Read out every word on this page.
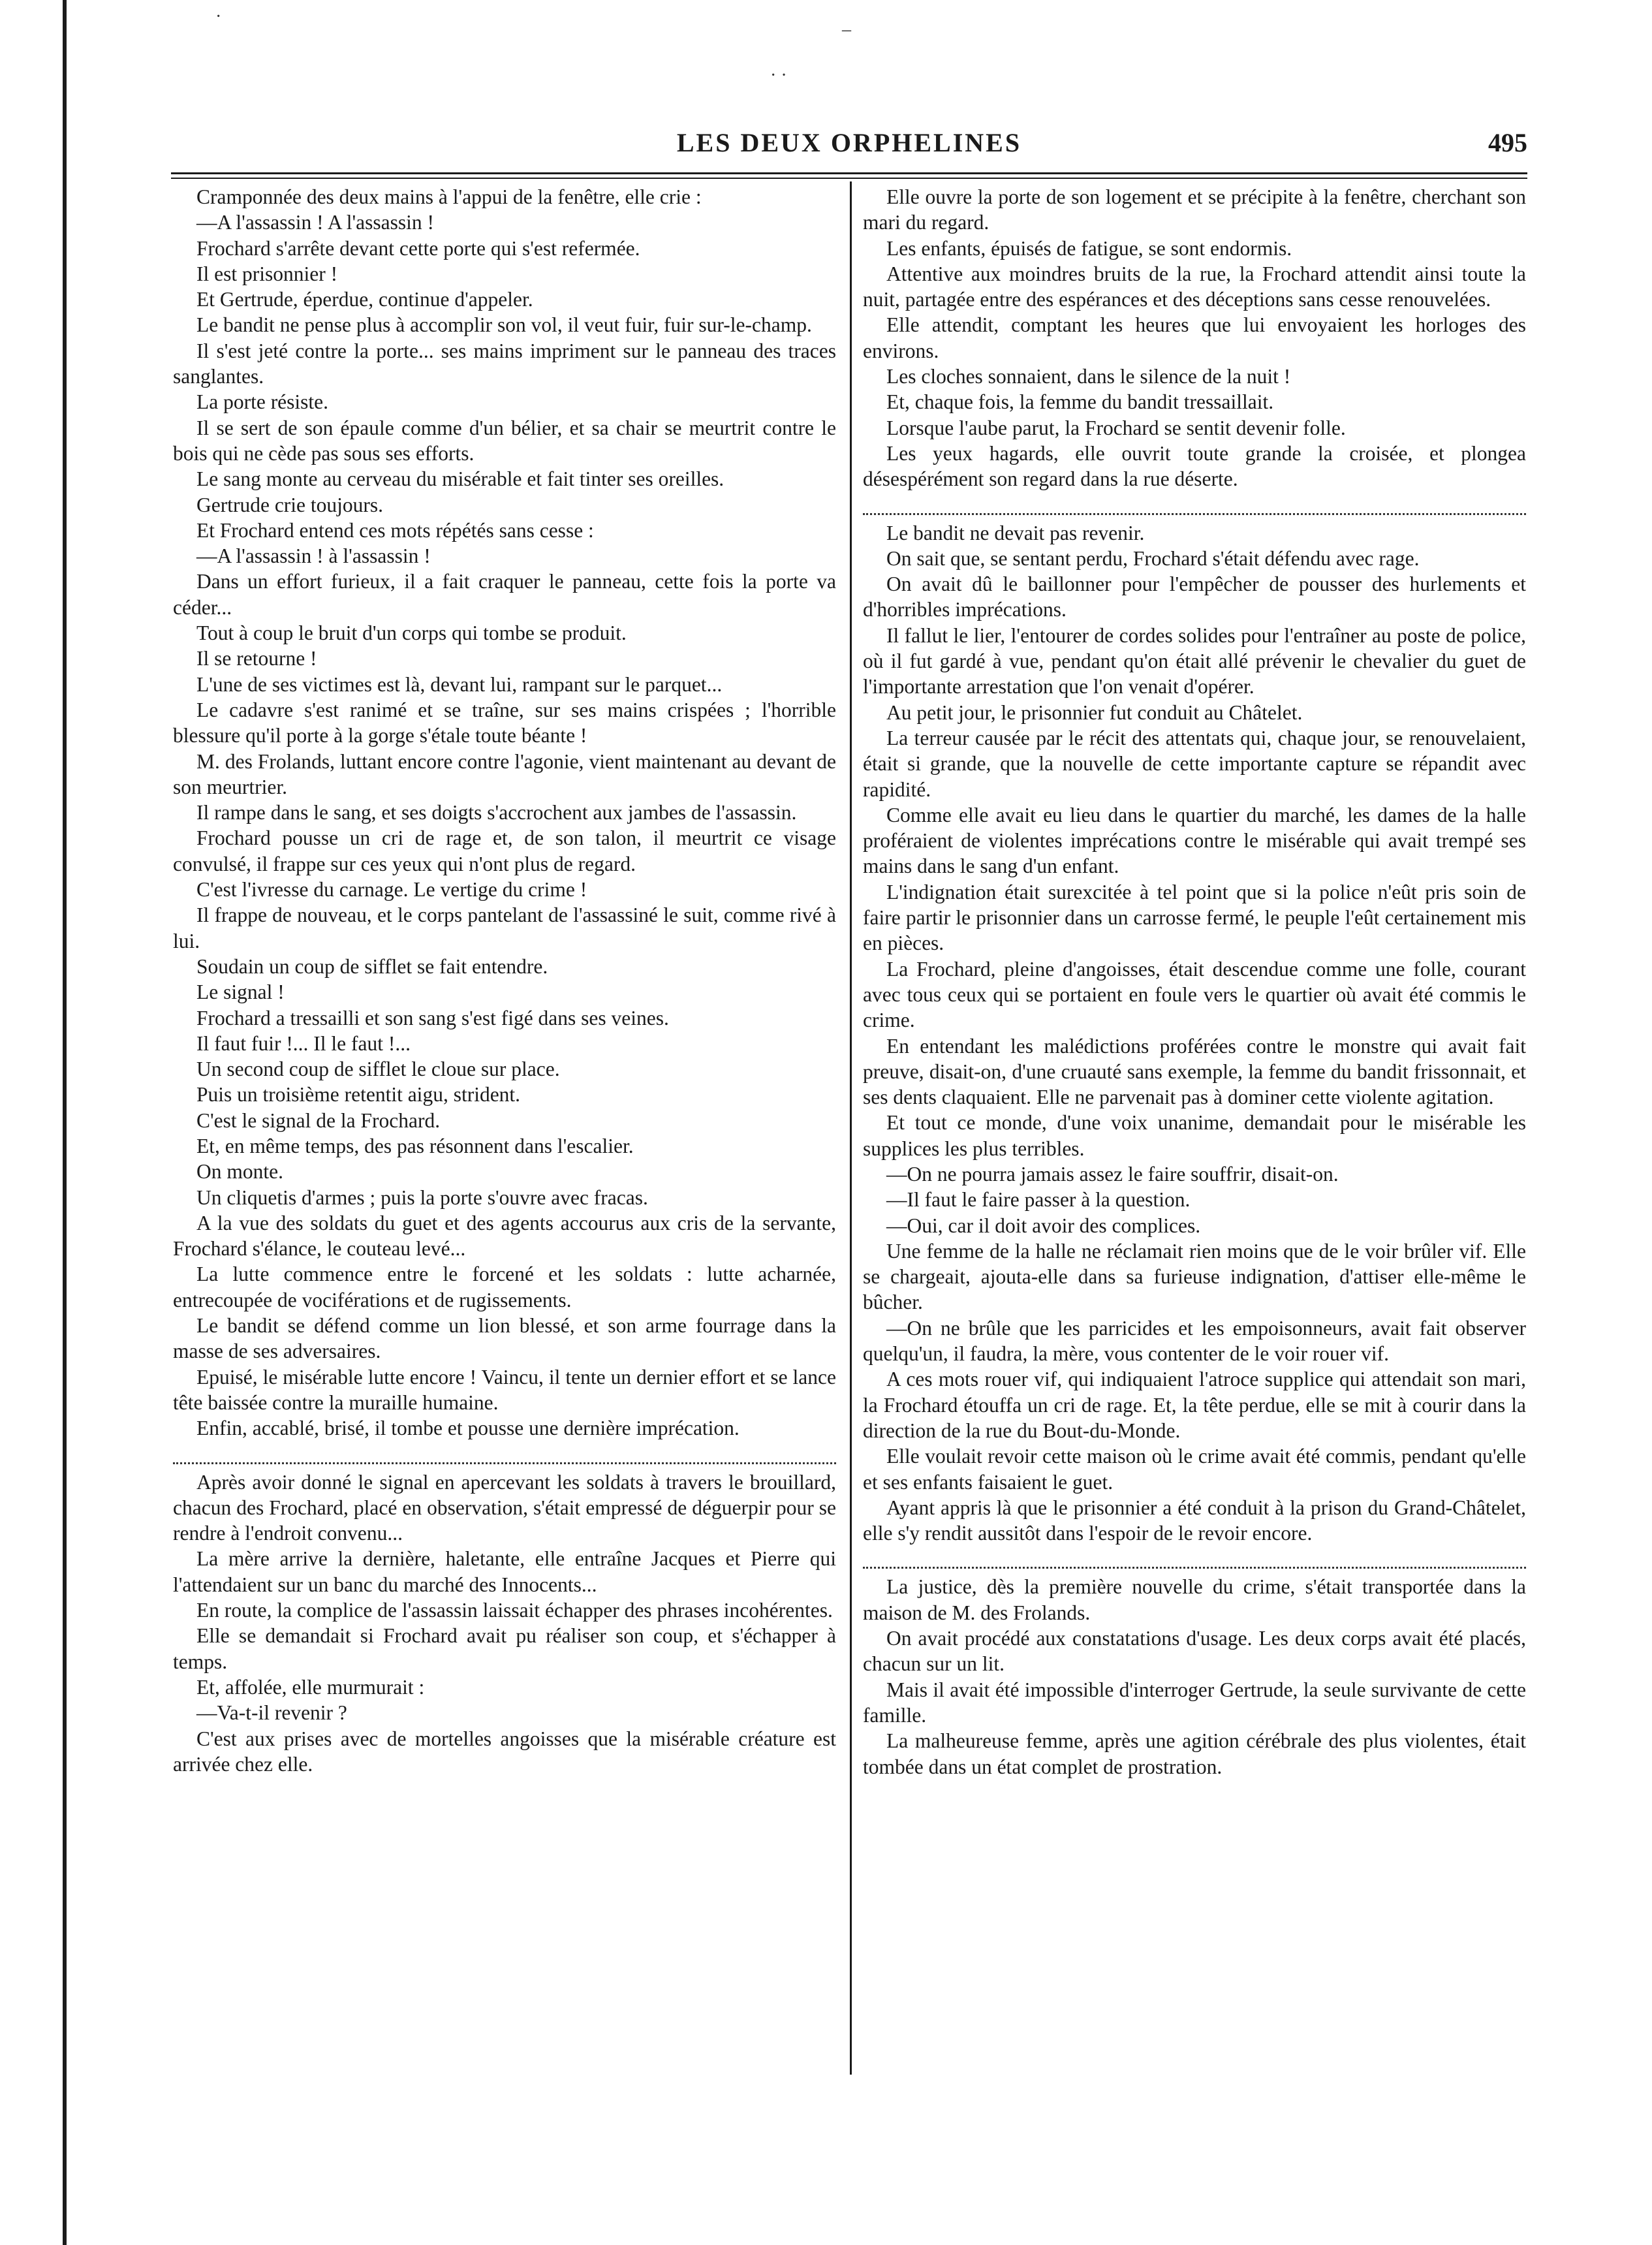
·
–
· ·
LES DEUX ORPHELINES	495

Cramponnée des deux mains à l'appui de la fenêtre, elle crie :

—A l'assassin ! A l'assassin !

Frochard s'arrête devant cette porte qui s'est refermée.

Il est prisonnier !

Et Gertrude, éperdue, continue d'appeler.

Le bandit ne pense plus à accomplir son vol, il veut fuir, fuir sur-le-champ.

Il s'est jeté contre la porte... ses mains impriment sur le panneau des traces sanglantes.

La porte résiste.

Il se sert de son épaule comme d'un bélier, et sa chair se meurtrit contre le bois qui ne cède pas sous ses efforts.

Le sang monte au cerveau du misérable et fait tinter ses oreilles.

Gertrude crie toujours.

Et Frochard entend ces mots répétés sans cesse :

—A l'assassin ! à l'assassin !

Dans un effort furieux, il a fait craquer le panneau, cette fois la porte va céder...

Tout à coup le bruit d'un corps qui tombe se produit.

Il se retourne !

L'une de ses victimes est là, devant lui, rampant sur le parquet...

Le cadavre s'est ranimé et se traîne, sur ses mains crispées ; l'horrible blessure qu'il porte à la gorge s'étale toute béante !

M. des Frolands, luttant encore contre l'agonie, vient maintenant au devant de son meurtrier.

Il rampe dans le sang, et ses doigts s'accrochent aux jambes de l'assassin.

Frochard pousse un cri de rage et, de son talon, il meurtrit ce visage convulsé, il frappe sur ces yeux qui n'ont plus de regard.

C'est l'ivresse du carnage. Le vertige du crime !

Il frappe de nouveau, et le corps pantelant de l'assassiné le suit, comme rivé à lui.

Soudain un coup de sifflet se fait entendre.

Le signal !

Frochard a tressailli et son sang s'est figé dans ses veines.

Il faut fuir !... Il le faut !...

Un second coup de sifflet le cloue sur place.

Puis un troisième retentit aigu, strident.

C'est le signal de la Frochard.

Et, en même temps, des pas résonnent dans l'escalier.

On monte.

Un cliquetis d'armes ; puis la porte s'ouvre avec fracas.

A la vue des soldats du guet et des agents accourus aux cris de la servante, Frochard s'élance, le couteau levé...

La lutte commence entre le forcené et les soldats : lutte acharnée, entrecoupée de vociférations et de rugissements.

Le bandit se défend comme un lion blessé, et son arme fourrage dans la masse de ses adversaires.

Epuisé, le misérable lutte encore ! Vaincu, il tente un dernier effort et se lance tête baissée contre la muraille humaine.

Enfin, accablé, brisé, il tombe et pousse une dernière imprécation.

Après avoir donné le signal en apercevant les soldats à travers le brouillard, chacun des Frochard, placé en observation, s'était empressé de déguerpir pour se rendre à l'endroit convenu...

La mère arrive la dernière, haletante, elle entraîne Jacques et Pierre qui l'attendaient sur un banc du marché des Innocents...

En route, la complice de l'assassin laissait échapper des phrases incohérentes.

Elle se demandait si Frochard avait pu réaliser son coup, et s'échapper à temps.

Et, affolée, elle murmurait :

—Va-t-il revenir ?

C'est aux prises avec de mortelles angoisses que la misérable créature est arrivée chez elle.

Elle ouvre la porte de son logement et se précipite à la fenêtre, cherchant son mari du regard.

Les enfants, épuisés de fatigue, se sont endormis.

Attentive aux moindres bruits de la rue, la Frochard attendit ainsi toute la nuit, partagée entre des espérances et des déceptions sans cesse renouvelées.

Elle attendit, comptant les heures que lui envoyaient les horloges des environs.

Les cloches sonnaient, dans le silence de la nuit !

Et, chaque fois, la femme du bandit tressaillait.

Lorsque l'aube parut, la Frochard se sentit devenir folle.

Les yeux hagards, elle ouvrit toute grande la croisée, et plongea désespérément son regard dans la rue déserte.

Le bandit ne devait pas revenir.

On sait que, se sentant perdu, Frochard s'était défendu avec rage.

On avait dû le baillonner pour l'empêcher de pousser des hurlements et d'horribles imprécations.

Il fallut le lier, l'entourer de cordes solides pour l'entraîner au poste de police, où il fut gardé à vue, pendant qu'on était allé prévenir le chevalier du guet de l'importante arrestation que l'on venait d'opérer.

Au petit jour, le prisonnier fut conduit au Châtelet.

La terreur causée par le récit des attentats qui, chaque jour, se renouvelaient, était si grande, que la nouvelle de cette importante capture se répandit avec rapidité.

Comme elle avait eu lieu dans le quartier du marché, les dames de la halle proféraient de violentes imprécations contre le misérable qui avait trempé ses mains dans le sang d'un enfant.

L'indignation était surexcitée à tel point que si la police n'eût pris soin de faire partir le prisonnier dans un carrosse fermé, le peuple l'eût certainement mis en pièces.

La Frochard, pleine d'angoisses, était descendue comme une folle, courant avec tous ceux qui se portaient en foule vers le quartier où avait été commis le crime.

En entendant les malédictions proférées contre le monstre qui avait fait preuve, disait-on, d'une cruauté sans exemple, la femme du bandit frissonnait, et ses dents claquaient. Elle ne parvenait pas à dominer cette violente agitation.

Et tout ce monde, d'une voix unanime, demandait pour le misérable les supplices les plus terribles.

—On ne pourra jamais assez le faire souffrir, disait-on.

—Il faut le faire passer à la question.

—Oui, car il doit avoir des complices.

Une femme de la halle ne réclamait rien moins que de le voir brûler vif. Elle se chargeait, ajouta-elle dans sa furieuse indignation, d'attiser elle-même le bûcher.

—On ne brûle que les parricides et les empoisonneurs, avait fait observer quelqu'un, il faudra, la mère, vous contenter de le voir rouer vif.

A ces mots rouer vif, qui indiquaient l'atroce supplice qui attendait son mari, la Frochard étouffa un cri de rage. Et, la tête perdue, elle se mit à courir dans la direction de la rue du Bout-du-Monde.

Elle voulait revoir cette maison où le crime avait été commis, pendant qu'elle et ses enfants faisaient le guet.

Ayant appris là que le prisonnier a été conduit à la prison du Grand-Châtelet, elle s'y rendit aussitôt dans l'espoir de le revoir encore.

La justice, dès la première nouvelle du crime, s'était transportée dans la maison de M. des Frolands.

On avait procédé aux constatations d'usage. Les deux corps avait été placés, chacun sur un lit.

Mais il avait été impossible d'interroger Gertrude, la seule survivante de cette famille.

La malheureuse femme, après une agition cérébrale des plus violentes, était tombée dans un état complet de prostration.
